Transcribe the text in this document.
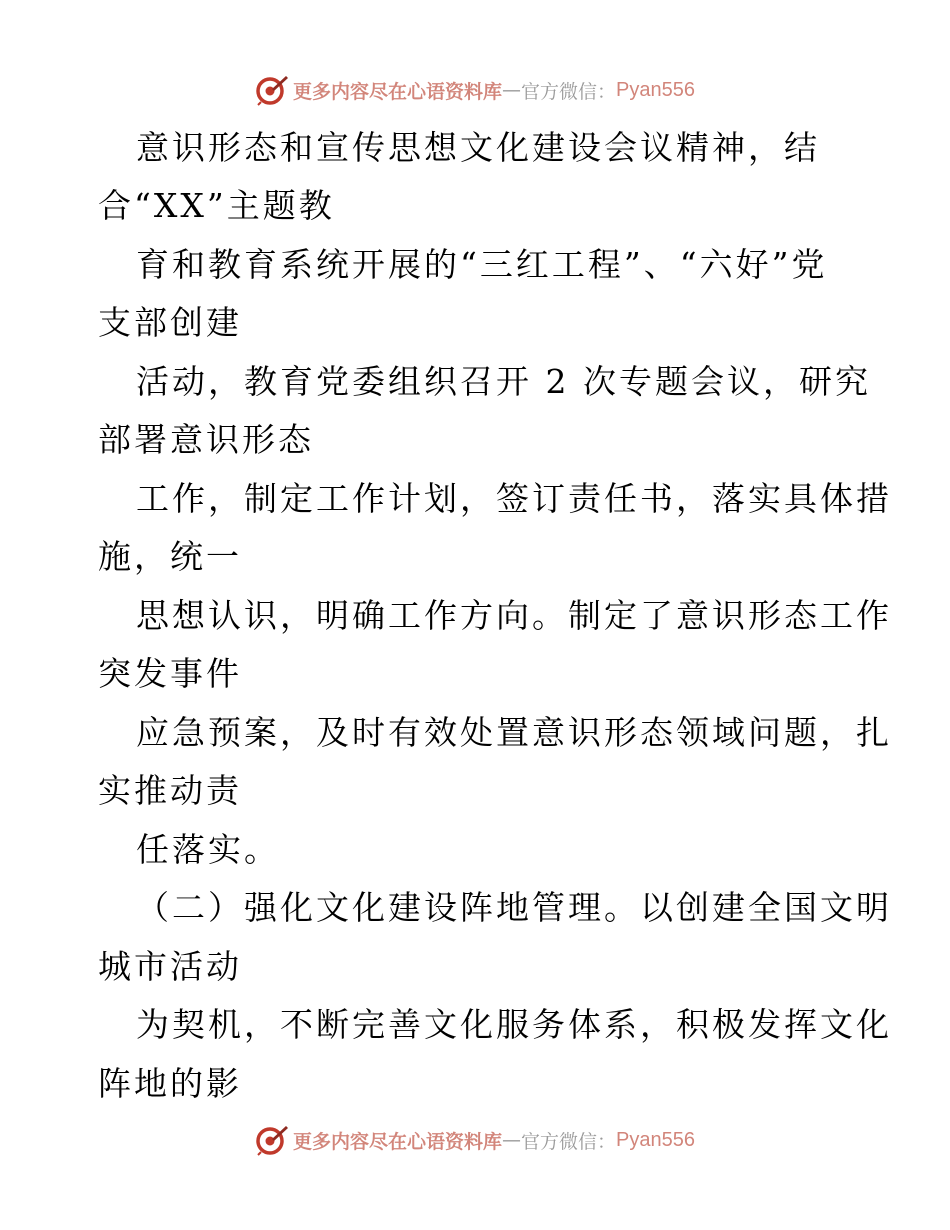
更多内容尽在心语资料库 — 官方微信： Pyan556
意识形态和宣传思想文化建设会议精神，结
合“XX”主题教
育和教育系统开展的“三红工程”、“六好”党
支部创建
活动，教育党委组织召开 2 次专题会议，研究
部署意识形态
工作，制定工作计划，签订责任书，落实具体措
施，统一
思想认识，明确工作方向。制定了意识形态工作
突发事件
应急预案，及时有效处置意识形态领域问题，扎
实推动责
任落实。
（二）强化文化建设阵地管理。以创建全国文明
城市活动
为契机，不断完善文化服务体系，积极发挥文化
阵地的影
更多内容尽在心语资料库 — 官方微信： Pyan556
